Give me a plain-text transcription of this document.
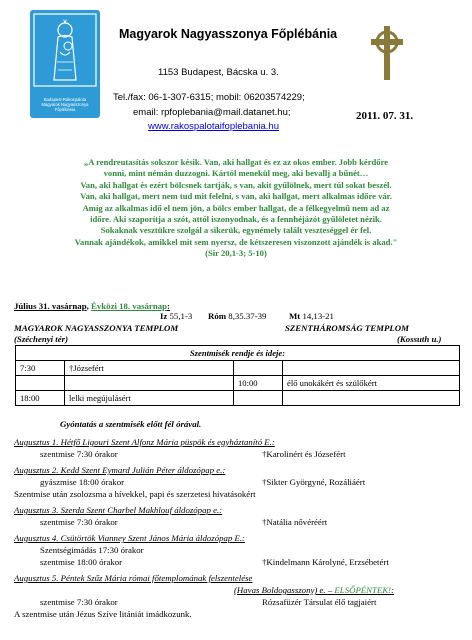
Budapest-Rákospalota
Magyarok Nagyasszonya
Főplébánia
Magyarok Nagyasszonya Főplébánia
1153 Budapest, Bácska u. 3.
Tel./fax: 06-1-307-6315; mobil: 06203574229;
email: rpfoplebania@mail.datanet.hu;
www.rakospalotaifoplebania.hu
2011. 07. 31.
„A rendreutasítás sokszor késik. Van, aki hallgat és ez az okos ember. Jobb kérdőre
vonni, mint némán duzzogni. Kártól menekül meg, aki bevallj a bűnét…
Van, aki hallgat és ezért bölcsnek tartják, s van, akit gyűlölnek, mert túl sokat beszél.
Van, aki hallgat, mert nem tud mit felelni, s van, aki hallgat, mert alkalmas időre vár.
Amíg az alkalmas idő el nem jön, a bölcs ember hallgat, de a félkegyelmű nem ad az
időre. Aki szaporítja a szót, attól iszonyodnak, és a fennhéjázót gyűlöletet nézik.
Sokaknak vesztükre szolgál a sikerük, egynémely talált veszteséggel ér fel.
Vannak ajándékok, amikkel mit sem nyersz, de kétszeresen viszonzott ajándék is akad."
(Sir 20,1-3; 5-10)
Július 31. vasárnap, Évközi 18. vasárnap:
Iz 55,1-3 Róm 8,35.37-39	Mt 14,13-21
MAGYAROK NAGYASSZONYA TEMPLOM
(Széchenyi tér)
SZENTHÁROMSÁG TEMPLOM
(Kossuth u.)
Szentmisék rendje és ideje:			
7:30	†Józsefért		
		10:00	élő unokákért és szülőkért
18:00	lelki megújulásért		
Gyóntatás a szentmisék előtt fél órával.
Augusztus 1. Hétfő Ligouri Szent Alfonz Mária püspök és egyháztanító E.:
szentmise 7:30 órakor	†Karolinért és Józsefért
Augusztus 2. Kedd Szent Eymard Julián Péter áldozópap e.:
gyászmise 18:00 órakor	†Sikter Györgyné, Rozáliáért
Szentmise után zsolozsma a hívekkel, papi és szerzetesi hivatásokért
Augusztus 3. Szerda Szent Charbel Makhlouf áldozópap e.:
szentmise 7:30 órakor	†Natália nővéréért
Augusztus 4. Csütörtök Vianney Szent János Mária áldozópap E.:
Szentségimádás 17:30 órakor
szentmise 18:00 órakor	†Kindelmann Károlyné, Erzsébetért
Augusztus 5. Péntek Szűz Mária római főtemplomának felszentelése
(Havas Boldogasszony) e. – ELSŐPÉNTEK!:
szentmise 7:30 órakor	Rózsafüzér Társulat élő tagjaiért
A szentmise után Jézus Szíve litániát imádkozunk.
